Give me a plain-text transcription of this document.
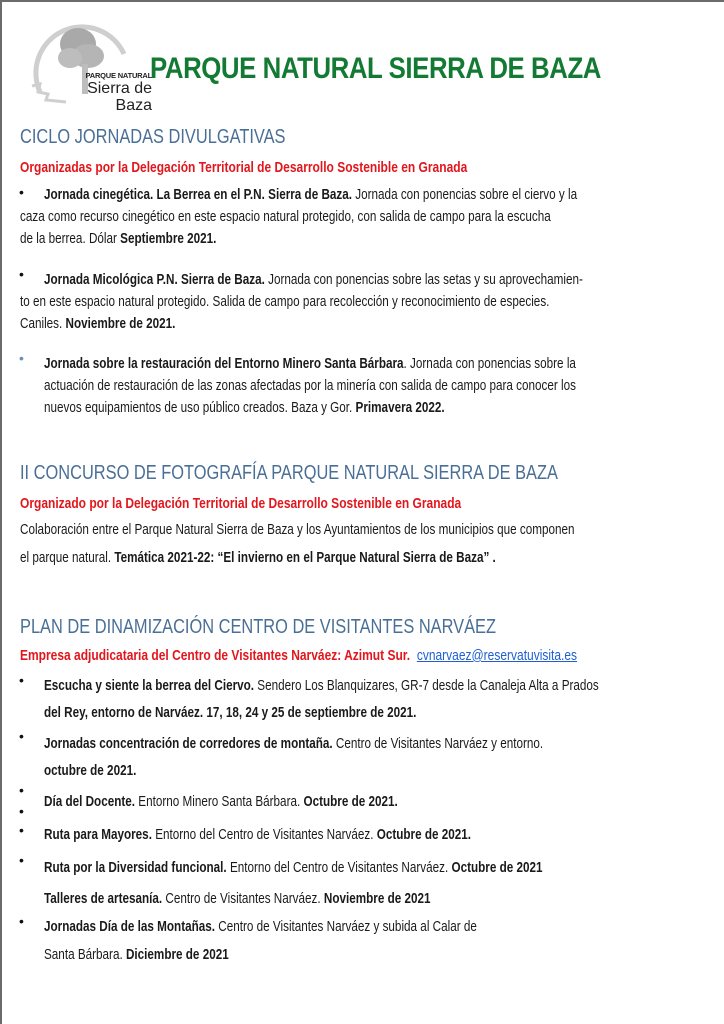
PARQUE NATURAL
Sierra de
Baza
PARQUE NATURAL SIERRA DE BAZA
CICLO JORNADAS DIVULGATIVAS
Organizadas por la Delegación Territorial de Desarrollo Sostenible en Granada
• Jornada cinegética. La Berrea en el P.N. Sierra de Baza. Jornada con ponencias sobre el ciervo y la
caza como recurso cinegético en este espacio natural protegido, con salida de campo para la escucha
de la berrea. Dólar Septiembre 2021.
• Jornada Micológica P.N. Sierra de Baza. Jornada con ponencias sobre las setas y su aprovechamien-
to en este espacio natural protegido. Salida de campo para recolección y reconocimiento de especies.
Caniles. Noviembre de 2021.
• Jornada sobre la restauración del Entorno Minero Santa Bárbara. Jornada con ponencias sobre la
actuación de restauración de las zonas afectadas por la minería con salida de campo para conocer los
nuevos equipamientos de uso público creados. Baza y Gor. Primavera 2022.
II CONCURSO DE FOTOGRAFÍA PARQUE NATURAL SIERRA DE BAZA
Organizado por la Delegación Territorial de Desarrollo Sostenible en Granada
Colaboración entre el Parque Natural Sierra de Baza y los Ayuntamientos de los municipios que componen
el parque natural. Temática 2021-22: “El invierno en el Parque Natural Sierra de Baza” .
PLAN DE DINAMIZACIÓN CENTRO DE VISITANTES NARVÁEZ
Empresa adjudicataria del Centro de Visitantes Narváez: Azimut Sur. cvnarvaez@reservatuvisita.es
• Escucha y siente la berrea del Ciervo. Sendero Los Blanquizares, GR-7 desde la Canaleja Alta a Prados
del Rey, entorno de Narváez. 17, 18, 24 y 25 de septiembre de 2021.
• Jornadas concentración de corredores de montaña. Centro de Visitantes Narváez y entorno.
octubre de 2021.
•
Día del Docente. Entorno Minero Santa Bárbara. Octubre de 2021.
•
• Ruta para Mayores. Entorno del Centro de Visitantes Narváez. Octubre de 2021.
• Ruta por la Diversidad funcional. Entorno del Centro de Visitantes Narváez. Octubre de 2021
Talleres de artesanía. Centro de Visitantes Narváez. Noviembre de 2021
• Jornadas Día de las Montañas. Centro de Visitantes Narváez y subida al Calar de
Santa Bárbara. Diciembre de 2021
